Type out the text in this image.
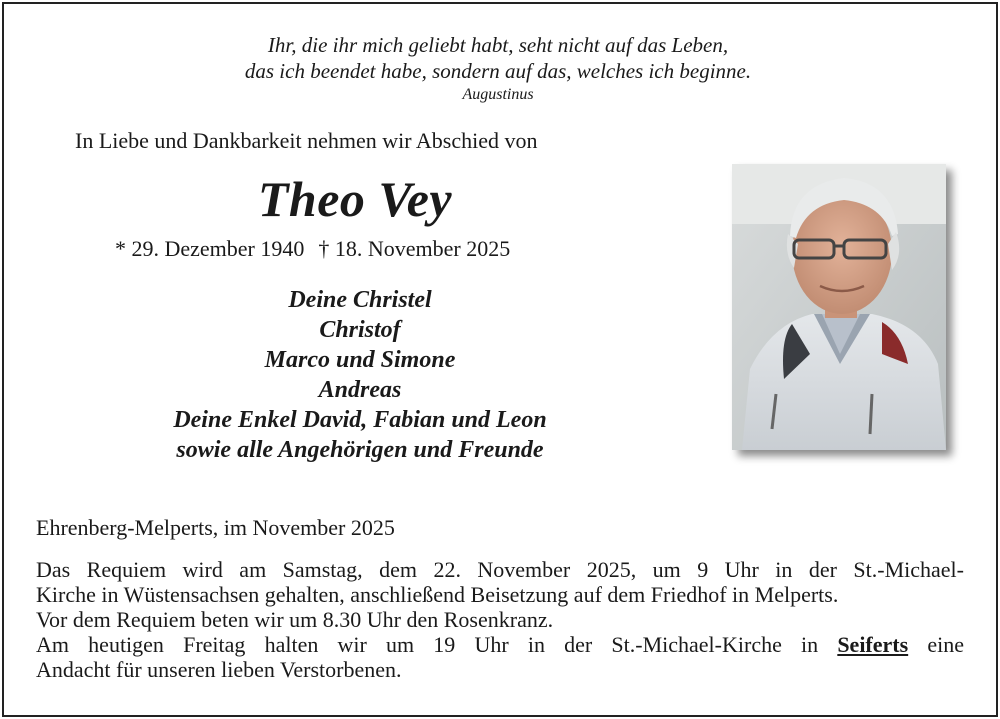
Ihr, die ihr mich geliebt habt, seht nicht auf das Leben,
das ich beendet habe, sondern auf das, welches ich beginne.
Augustinus
In Liebe und Dankbarkeit nehmen wir Abschied von
Theo Vey
* 29. Dezember 1940 † 18. November 2025
Deine Christel
Christof
Marco und Simone
Andreas
Deine Enkel David, Fabian und Leon
sowie alle Angehörigen und Freunde
Ehrenberg-Melperts, im November 2025

Das Requiem wird am Samstag, dem 22. November 2025, um 9 Uhr in der St.-Michael-

Kirche in Wüstensachsen gehalten, anschließend Beisetzung auf dem Friedhof in Melperts.

Vor dem Requiem beten wir um 8.30 Uhr den Rosenkranz.

Am heutigen Freitag halten wir um 19 Uhr in der St.-Michael-Kirche in Seiferts eine

Andacht für unseren lieben Verstorbenen.
